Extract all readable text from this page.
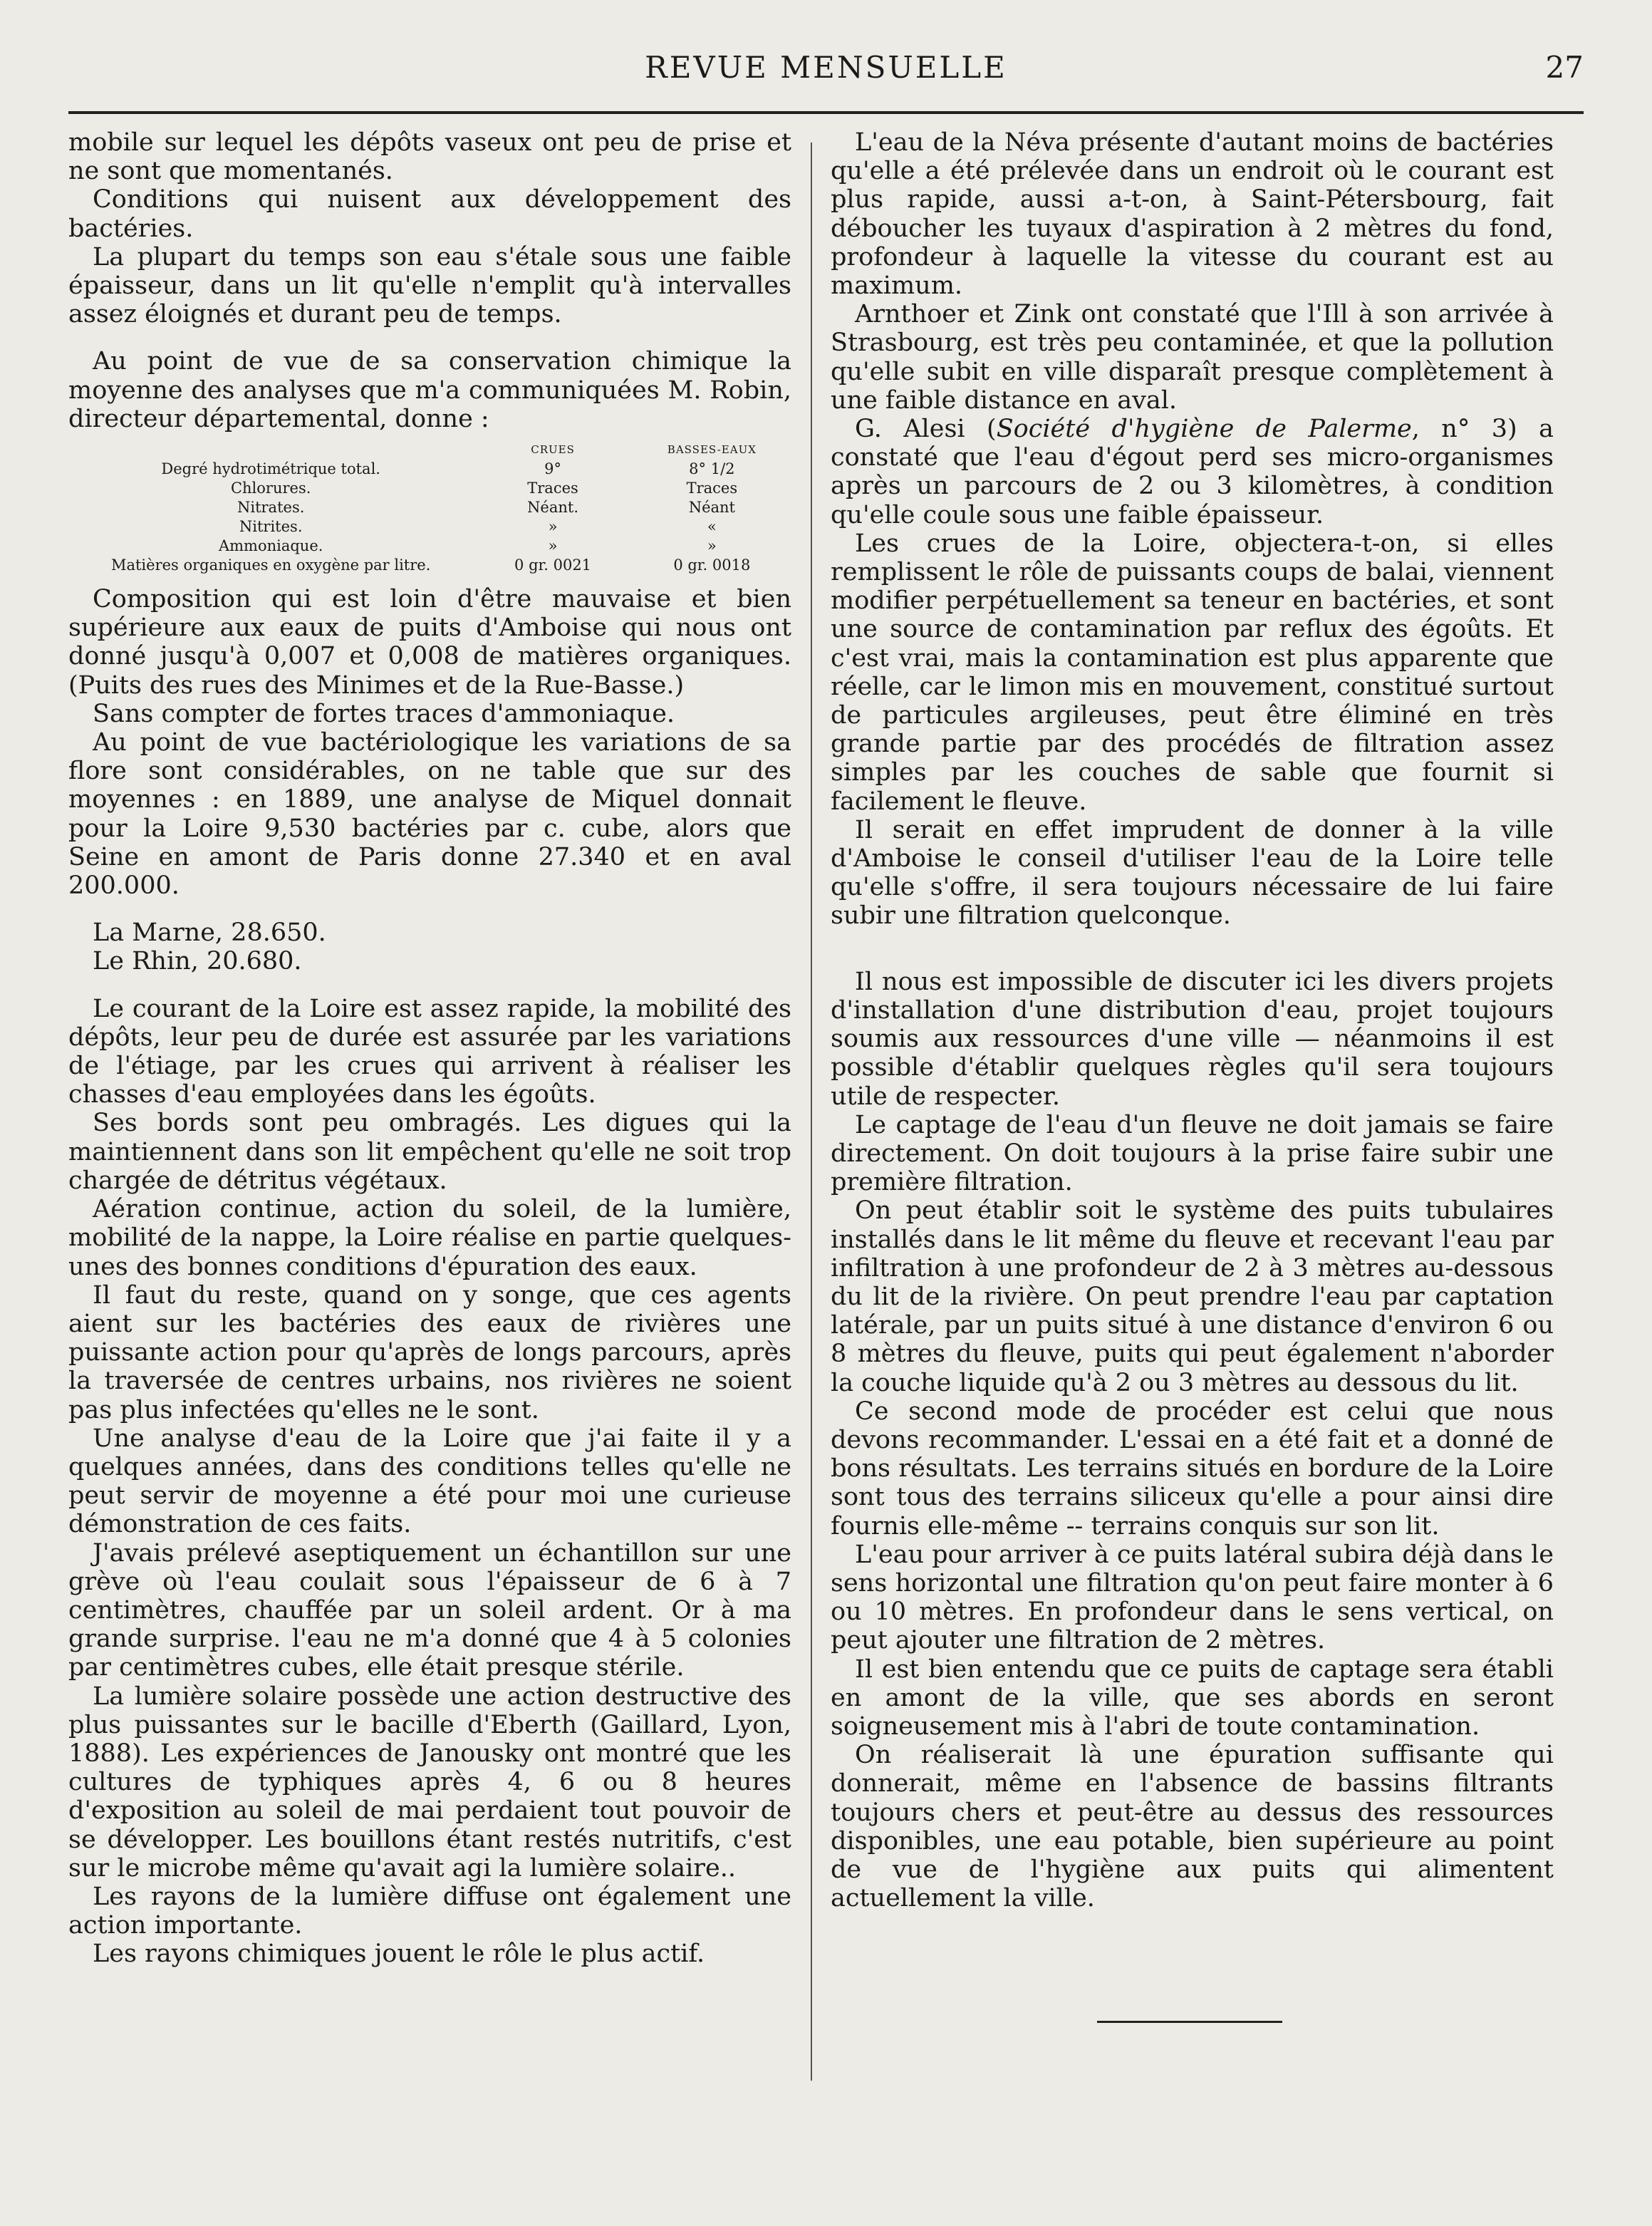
REVUE MENSUELLE	27

mobile sur lequel les dépôts vaseux ont peu de prise et ne sont que momentanés.

Conditions qui nuisent aux développement des bactéries.

La plupart du temps son eau s'étale sous une faible épaisseur, dans un lit qu'elle n'emplit qu'à intervalles assez éloignés et durant peu de temps.

Au point de vue de sa conservation chimique la moyenne des analyses que m'a communiquées M. Robin, directeur départemental, donne :

	CRUES	BASSES-EAUX
Degré hydrotimétrique total.	9°	8° 1/2
Chlorures.	Traces	Traces
Nitrates.	Néant.	Néant
Nitrites.	»	«
Ammoniaque.	»	»
Matières organiques en oxygène par litre.	0 gr. 0021	0 gr. 0018

Composition qui est loin d'être mauvaise et bien supérieure aux eaux de puits d'Amboise qui nous ont donné jusqu'à 0,007 et 0,008 de matières organiques. (Puits des rues des Minimes et de la Rue-Basse.)

Sans compter de fortes traces d'ammoniaque.

Au point de vue bactériologique les variations de sa flore sont considérables, on ne table que sur des moyennes : en 1889, une analyse de Miquel donnait pour la Loire 9,530 bactéries par c. cube, alors que Seine en amont de Paris donne 27.340 et en aval 200.000.

La Marne, 28.650.

Le Rhin, 20.680.

Le courant de la Loire est assez rapide, la mobilité des dépôts, leur peu de durée est assurée par les variations de l'étiage, par les crues qui arrivent à réaliser les chasses d'eau employées dans les égoûts.

Ses bords sont peu ombragés. Les digues qui la maintiennent dans son lit empêchent qu'elle ne soit trop chargée de détritus végétaux.

Aération continue, action du soleil, de la lumière, mobilité de la nappe, la Loire réalise en partie quelques-unes des bonnes conditions d'épuration des eaux.

Il faut du reste, quand on y songe, que ces agents aient sur les bactéries des eaux de rivières une puissante action pour qu'après de longs parcours, après la traversée de centres urbains, nos rivières ne soient pas plus infectées qu'elles ne le sont.

Une analyse d'eau de la Loire que j'ai faite il y a quelques années, dans des conditions telles qu'elle ne peut servir de moyenne a été pour moi une curieuse démonstration de ces faits.

J'avais prélevé aseptiquement un échantillon sur une grève où l'eau coulait sous l'épaisseur de 6 à 7 centimètres, chauffée par un soleil ardent. Or à ma grande surprise. l'eau ne m'a donné que 4 à 5 colonies par centimètres cubes, elle était presque stérile.

La lumière solaire possède une action destructive des plus puissantes sur le bacille d'Eberth (Gaillard, Lyon, 1888). Les expériences de Janousky ont montré que les cultures de typhiques après 4, 6 ou 8 heures d'exposition au soleil de mai perdaient tout pouvoir de se développer. Les bouillons étant restés nutritifs, c'est sur le microbe même qu'avait agi la lumière solaire..

Les rayons de la lumière diffuse ont également une action importante.

Les rayons chimiques jouent le rôle le plus actif.

L'eau de la Néva présente d'autant moins de bactéries qu'elle a été prélevée dans un endroit où le courant est plus rapide, aussi a-t-on, à Saint-Pétersbourg, fait déboucher les tuyaux d'aspiration à 2 mètres du fond, profondeur à laquelle la vitesse du courant est au maximum.

Arnthoer et Zink ont constaté que l'Ill à son arrivée à Strasbourg, est très peu contaminée, et que la pollution qu'elle subit en ville disparaît presque complètement à une faible distance en aval.

G. Alesi (Société d'hygiène de Palerme, n° 3) a constaté que l'eau d'égout perd ses micro-organismes après un parcours de 2 ou 3 kilomètres, à condition qu'elle coule sous une faible épaisseur.

Les crues de la Loire, objectera-t-on, si elles remplissent le rôle de puissants coups de balai, viennent modifier perpétuellement sa teneur en bactéries, et sont une source de contamination par reflux des égoûts. Et c'est vrai, mais la contamination est plus apparente que réelle, car le limon mis en mouvement, constitué surtout de particules argileuses, peut être éliminé en très grande partie par des procédés de filtration assez simples par les couches de sable que fournit si facilement le fleuve.

Il serait en effet imprudent de donner à la ville d'Amboise le conseil d'utiliser l'eau de la Loire telle qu'elle s'offre, il sera toujours nécessaire de lui faire subir une filtration quelconque.

Il nous est impossible de discuter ici les divers projets d'installation d'une distribution d'eau, projet toujours soumis aux ressources d'une ville — néanmoins il est possible d'établir quelques règles qu'il sera toujours utile de respecter.

Le captage de l'eau d'un fleuve ne doit jamais se faire directement. On doit toujours à la prise faire subir une première filtration.

On peut établir soit le système des puits tubulaires installés dans le lit même du fleuve et recevant l'eau par infiltration à une profondeur de 2 à 3 mètres au-dessous du lit de la rivière. On peut prendre l'eau par captation latérale, par un puits situé à une distance d'environ 6 ou 8 mètres du fleuve, puits qui peut également n'aborder la couche liquide qu'à 2 ou 3 mètres au dessous du lit.

Ce second mode de procéder est celui que nous devons recommander. L'essai en a été fait et a donné de bons résultats. Les terrains situés en bordure de la Loire sont tous des terrains siliceux qu'elle a pour ainsi dire fournis elle-même -- terrains conquis sur son lit.

L'eau pour arriver à ce puits latéral subira déjà dans le sens horizontal une filtration qu'on peut faire monter à 6 ou 10 mètres. En profondeur dans le sens vertical, on peut ajouter une filtration de 2 mètres.

Il est bien entendu que ce puits de captage sera établi en amont de la ville, que ses abords en seront soigneusement mis à l'abri de toute contamination.

On réaliserait là une épuration suffisante qui donnerait, même en l'absence de bassins filtrants toujours chers et peut-être au dessus des ressources disponibles, une eau potable, bien supérieure au point de vue de l'hygiène aux puits qui alimentent actuellement la ville.
